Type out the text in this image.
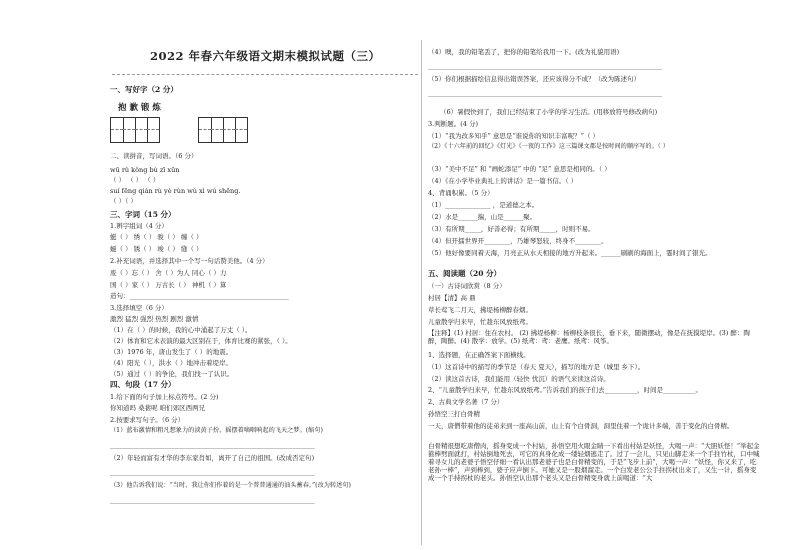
2022 年春六年级语文期末模拟试题（三）
一、写好字（2 分）
抱 歉 锻 炼
二、读拼音，写词语。（6 分）
wū rǔ kǒng bù zī xūn
（ ） （ ） （ ）
suí fēng qián rù yè rùn wù xì wú shēng.
（ ）（ ）
三、字词（15 分）
1.辨字组词（4 分）
蜓（ ） 绣（ ） 骏（ ） 缠（ ）
蜒（ ） 锈（ ） 竣（ ） 缝（ ）
2.补充词语，并选择其中一个写一句话赞美他。（4 分）
废（ ）忘（ ） 舍（ ）为人 同心（ ）力
国（ ）家（ ） 万古长（ ） 神机（ ）算
造句：_________________________________________________
3.选择填空（6 分）
激烈 猛烈 强烈 热烈 剧烈 激情
（1）在（ ）的时候，我的心中涌起了万丈（ ）。
（2）体育和它术表演的最大区别在于，体育比赛的紧张，（ ）。
（3）1976 年，唐山发生了（ ）的地震。
（4）阳光（ ），洪水（ ）地冲击着堤岸。
（5）通过（ ）的争论，我们找一了认识。
四、句段（17 分）
1.给下面的句子加上标点符号。(2 分)
你知道吗 桑葚呢 咱们郊区西两兄
2.按要求写句子。（6 分）
（1）蓝布激情和粗凡想象力的淡黄子扮，摇摆着嘀咽响起的飞天之梦。(缩句)
_______________________________________________________________
（2）年轻而富有才华的李东家肖如，离开了自己的祖国。(改成否定句)
_______________________________________________________________
（3）他告诉我们说：“当时，我让你们作着的是一个普普通通的油头蓄春。”(改为转述句)
_______________________________________________________________
（4）噢，我的铅笔丢了，把你的铅笔给我用一下。(改为礼貌用语)
________________________________________________________________________
（5）你们根据描绘信息得出错误答案，还应该得分不成？（改为陈述句）
________________________________________________________________________
（6）暑假快到了，我们已经结束了小学的学习生活。(用移放符号修改病句)
3.判断题。(4 分)
（1）“我为改多知乎” 意思是“谁说你的知识丰富呢？”（ ）
（2）《十六年前的回忆》《灯光》《一夜的工作》这三篇课文都是按时间的顺序写的。（ ）
（3）“美中不足” 和 “画蛇添足” 中的 “足” 意思是相同的。（ ）
（4）《在小学毕业典礼上的讲话》是一篇书信。（ ）
4、背诵积累。（5 分）
（1）______________ ，是道德之本。
（2）水是______揣，山是______聚。
（3）有所期_____，好善必得；有所期_____，时则不易。
（4）但开擂世界开________，乃雄琴怒较，终身不________。
（5）他好像要同着天海，月亮正从水天相接的地方升起来。______刷刷的海面上，霎时间了银光。
五、阅读题（20 分）
（一）古诗词欣赏（8 分）
村居【清】高 鼎
草长莺飞二月天，拂堤杨柳醉春烟。
儿童散学归来早，忙趁东风放纸鸢。
【注释】(1) 村居：住在农村。 (2) 拂堤杨柳：杨柳枝条很长，垂下来，随微摆动，像是在抚摸堤岸。(3) 醉：陶醉，陶醉。(4) 散学：放学。(5) 纸鸢：鸢：老鹰。纸鸢：风筝。
1、选择题，在正确答案下面横线。
（1）这首诗中的描写的季节是（春天 夏天），描写的地方是（城里 乡下）。
（2）读这首古诗，我们能用（轻快 忧沉）的语气来读这首诗。
2、“儿童散学归来早，忙趁东风放纸鸢。”告诉我们的孩子们去__________，时间是__________。
2、古典文学名著（7 分）
孙悟空三打白骨精
一天，唐僧带着他的徒弟来到一座高山前，山上有个白骨洞，洞里住着一个诡计多端，善于变化的白骨精。
白骨精很想吃唐僧肉，摇身变成一个村姑，孙悟空用火眼金睛一下看出村姑是妖怪，大喝一声：“大胆妖怪！”举起金箍棒劈面就打，村姑倒地死去，可它的真身化成一缕轻烟逃走了。过了一会儿，只见山脚走来一个手拄竹杖，口中喊着寻女儿的老婆子悟空仔细一看认出那老婆子也是白骨精变的，于是“飞步上前”，大喝一声：“妖怪，你又来了，吃老孙一棒”，声到棒到，婆子应声倒下。可她又是一股烟溜走。一个白发老公公手拄拐杖出来了，又生一计，摇身变成一个手持拐杖的老头。孙悟空认出那个老头又是白骨精变身就上前喝道：“大
